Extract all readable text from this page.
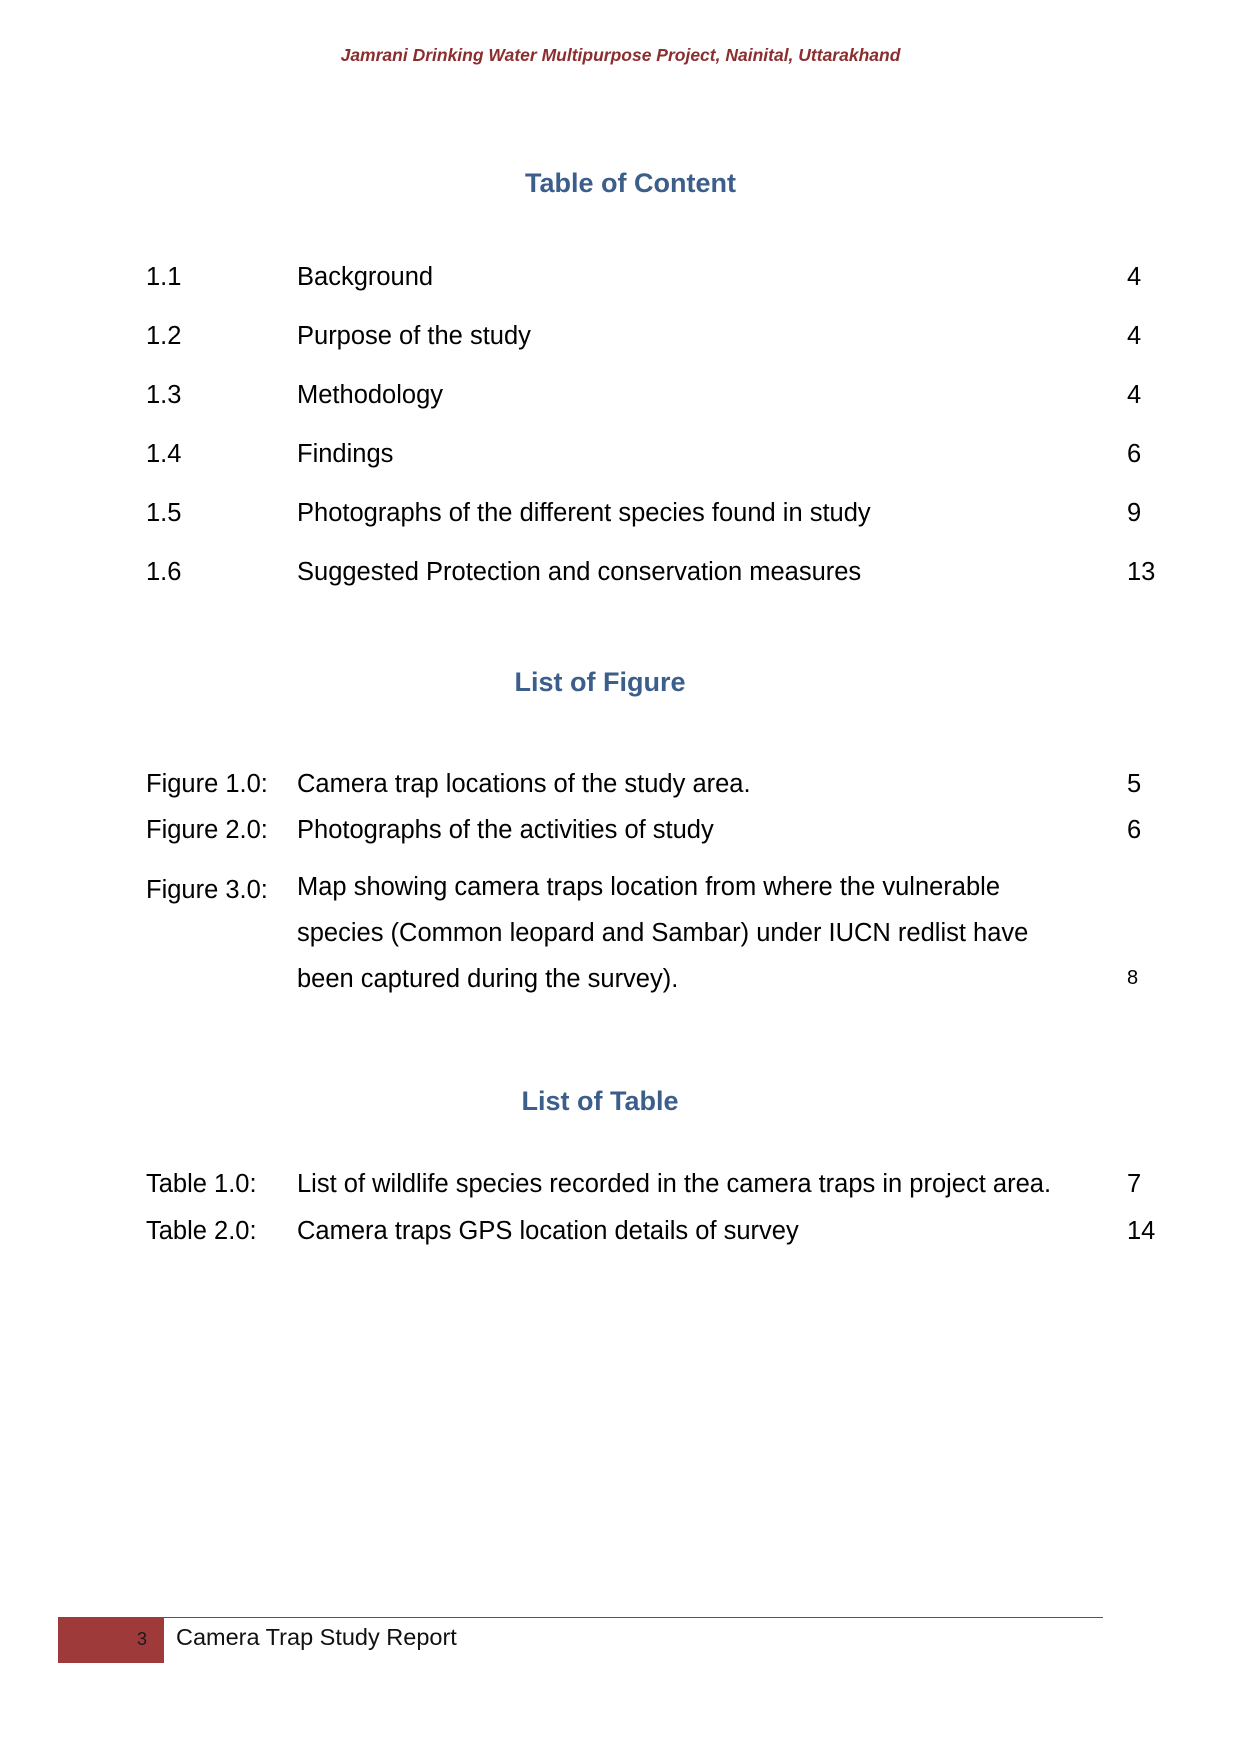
Jamrani Drinking Water Multipurpose Project, Nainital, Uttarakhand
Table of Content
1.1	Background	4
1.2	Purpose of the study	4
1.3	Methodology	4
1.4	Findings	6
1.5	Photographs of the different species found in study	9
1.6	Suggested Protection and conservation measures	13
List of Figure
Figure 1.0: Camera trap locations of the study area.	5
Figure 2.0: Photographs of the activities of study	6
Figure 3.0: Map showing camera traps location from where the vulnerable species (Common leopard and Sambar) under IUCN redlist have been captured during the survey).	8
List of Table
Table 1.0: List of wildlife species recorded in the camera traps in project area.	7
Table 2.0: Camera traps GPS location details of survey	14
3 Camera Trap Study Report
